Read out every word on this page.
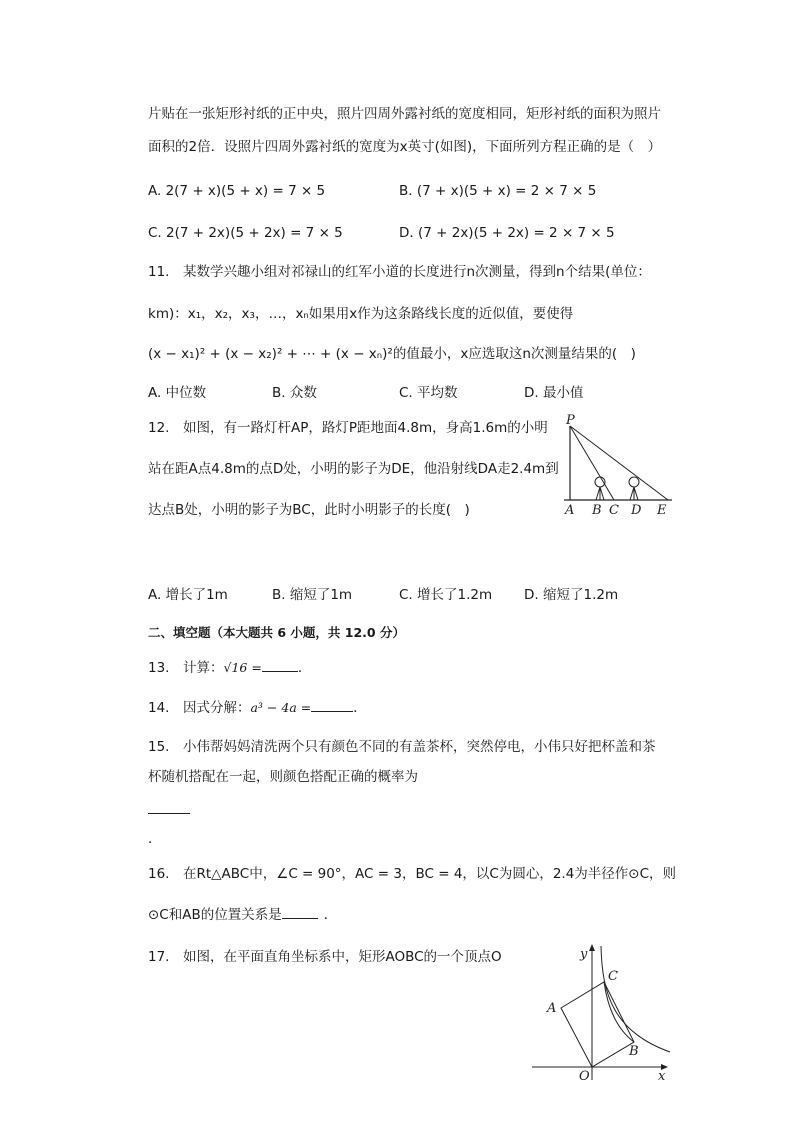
片贴在一张矩形衬纸的正中央，照片四周外露衬纸的宽度相同，矩形衬纸的面积为照片
面积的2倍．设照片四周外露衬纸的宽度为x英寸(如图)，下面所列方程正确的是（　）
A. 2(7 + x)(5 + x) = 7 × 5	B. (7 + x)(5 + x) = 2 × 7 × 5
C. 2(7 + 2x)(5 + 2x) = 7 × 5	D. (7 + 2x)(5 + 2x) = 2 × 7 × 5
11.　某数学兴趣小组对祁禄山的红军小道的长度进行n次测量，得到n个结果(单位：
km)：x₁，x₂，x₃，…，xₙ如果用x作为这条路线长度的近似值，要使得
(x − x₁)² + (x − x₂)² + ⋯ + (x − xₙ)²的值最小，x应选取这n次测量结果的(　)
A. 中位数	B. 众数	C. 平均数	D. 最小值
12.　如图，有一路灯杆AP，路灯P距地面4.8m，身高1.6m的小明
站在距A点4.8m的点D处，小明的影子为DE，他沿射线DA走2.4m到
达点B处，小明的影子为BC，此时小明影子的长度(　)
P
A B C D E
A. 增长了1m	B. 缩短了1m	C. 增长了1.2m D. 缩短了1.2m
二、填空题（本大题共 6 小题，共 12.0 分）
13.　计算：√16 =	．
14.　因式分解：a³ − 4a =	．
15.　小伟帮妈妈清洗两个只有颜色不同的有盖茶杯，突然停电，小伟只好把杯盖和茶
杯随机搭配在一起，则颜色搭配正确的概率为
．
16.　在Rt△ABC中，∠C = 90°，AC = 3，BC = 4，以C为圆心，2.4为半径作⊙C，则
⊙C和AB的位置关系是	．
17.　如图，在平面直角坐标系中，矩形AOBC的一个顶点O	y
C
A
B
O	x
